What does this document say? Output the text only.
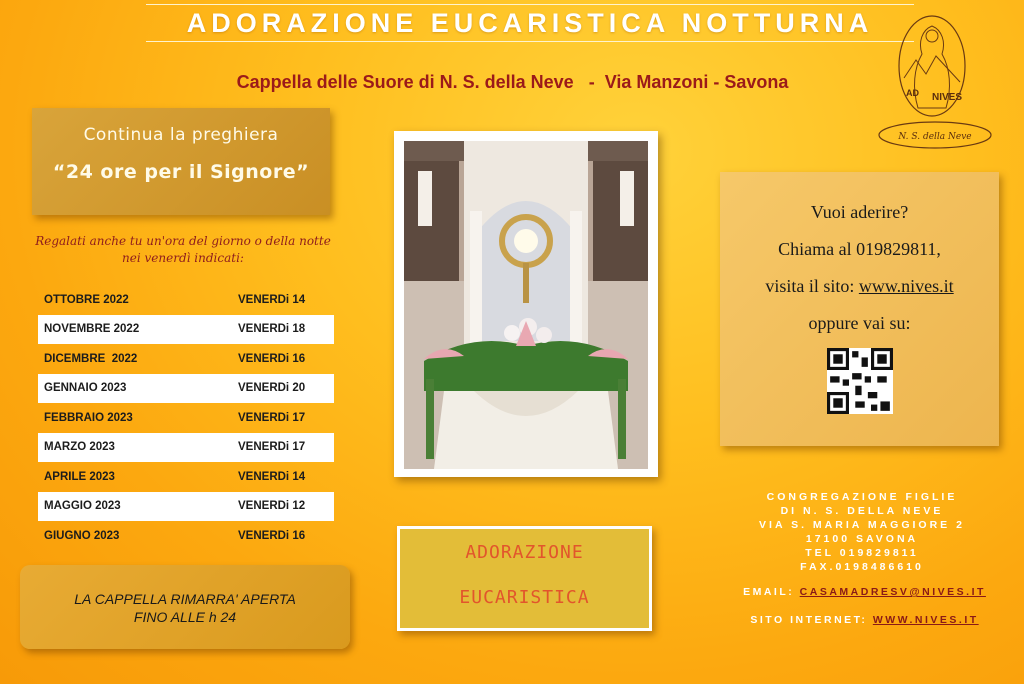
ADORAZIONE EUCARISTICA NOTTURNA
Cappella delle Suore di N. S. della Neve   -  Via Manzoni - Savona
AD NIVES
N. S. della Neve
Continua la preghiera
“24 ore per il Signore”
Regalati anche tu un'ora del giorno o della notte
nei venerdì indicati:
OTTOBRE 2022	VENERDi 14
NOVEMBRE 2022	VENERDi 18
DICEMBRE  2022	VENERDi 16
GENNAIO 2023	VENERDi 20
FEBBRAIO 2023	VENERDi 17
MARZO 2023	VENERDi 17
APRILE 2023	VENERDi 14
MAGGIO 2023	VENERDi 12
GIUGNO 2023	VENERDi 16
LA CAPPELLA RIMARRA' APERTA
FINO ALLE h 24
ADORAZIONE
EUCARISTICA
Vuoi aderire?
Chiama al 019829811,
visita il sito: www.nives.it
oppure vai su:
CONGREGAZIONE FIGLIE
DI N. S. DELLA NEVE
VIA S. MARIA MAGGIORE 2
17100 SAVONA
TEL 019829811
FAX.0198486610
EMAIL: CASAMADRESV@NIVES.IT
SITO INTERNET: WWW.NIVES.IT
